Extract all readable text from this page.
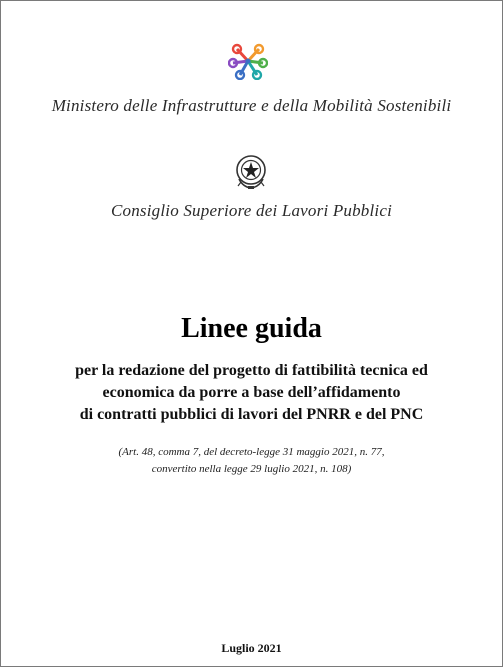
Ministero delle Infrastrutture e della Mobilità Sostenibili
Consiglio Superiore dei Lavori Pubblici
Linee guida
per la redazione del progetto di fattibilità tecnica ed
economica da porre a base dell’affidamento
di contratti pubblici di lavori del PNRR e del PNC
(Art. 48, comma 7, del decreto-legge 31 maggio 2021, n. 77,
convertito nella legge 29 luglio 2021, n. 108)
Luglio 2021
